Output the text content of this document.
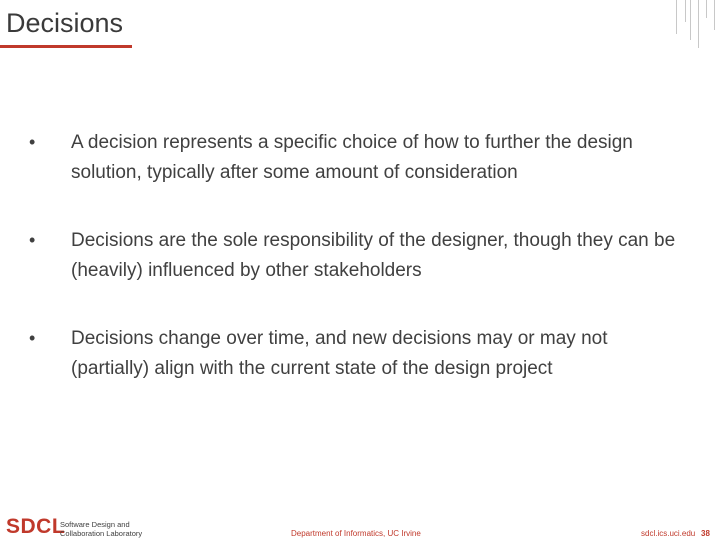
Decisions
• A decision represents a specific choice of how to further the design solution, typically after some amount of consideration
• Decisions are the sole responsibility of the designer, though they can be (heavily) influenced by other stakeholders
• Decisions change over time, and new decisions may or may not (partially) align with the current state of the design project
SDCL
Software Design and
Collaboration Laboratory	Department of Informatics, UC Irvine	sdcl.ics.uci.edu 38
